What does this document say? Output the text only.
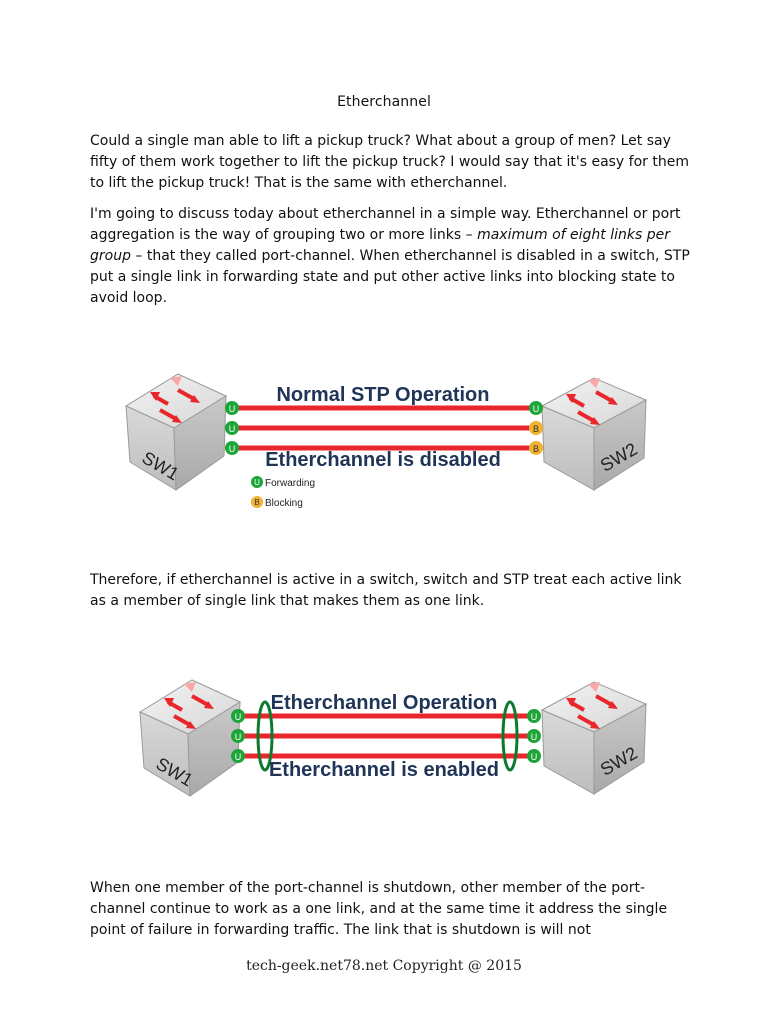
Etherchannel

Could a single man able to lift a pickup truck? What about a group of men? Let say fifty of them work together to lift the pickup truck? I would say that it's easy for them to lift the pickup truck! That is the same with etherchannel.

I'm going to discuss today about etherchannel in a simple way. Etherchannel or port aggregation is the way of grouping two or more links – maximum of eight links per group – that they called port-channel. When etherchannel is disabled in a switch, STP put a single link in forwarding state and put other active links into blocking state to avoid loop.

SW1	SW2
U
U
U
U
B
B
Normal STP Operation
Etherchannel is disabled
U Forwarding
B Blocking

Therefore, if etherchannel is active in a switch, switch and STP treat each active link as a member of single link that makes them as one link.

SW1	SW2
U
U
U
U
U
U
Etherchannel Operation
Etherchannel is enabled

When one member of the port-channel is shutdown, other member of the port-channel continue to work as a one link, and at the same time it address the single point of failure in forwarding traffic. The link that is shutdown is will not

tech-geek.net78.net Copyright @ 2015
